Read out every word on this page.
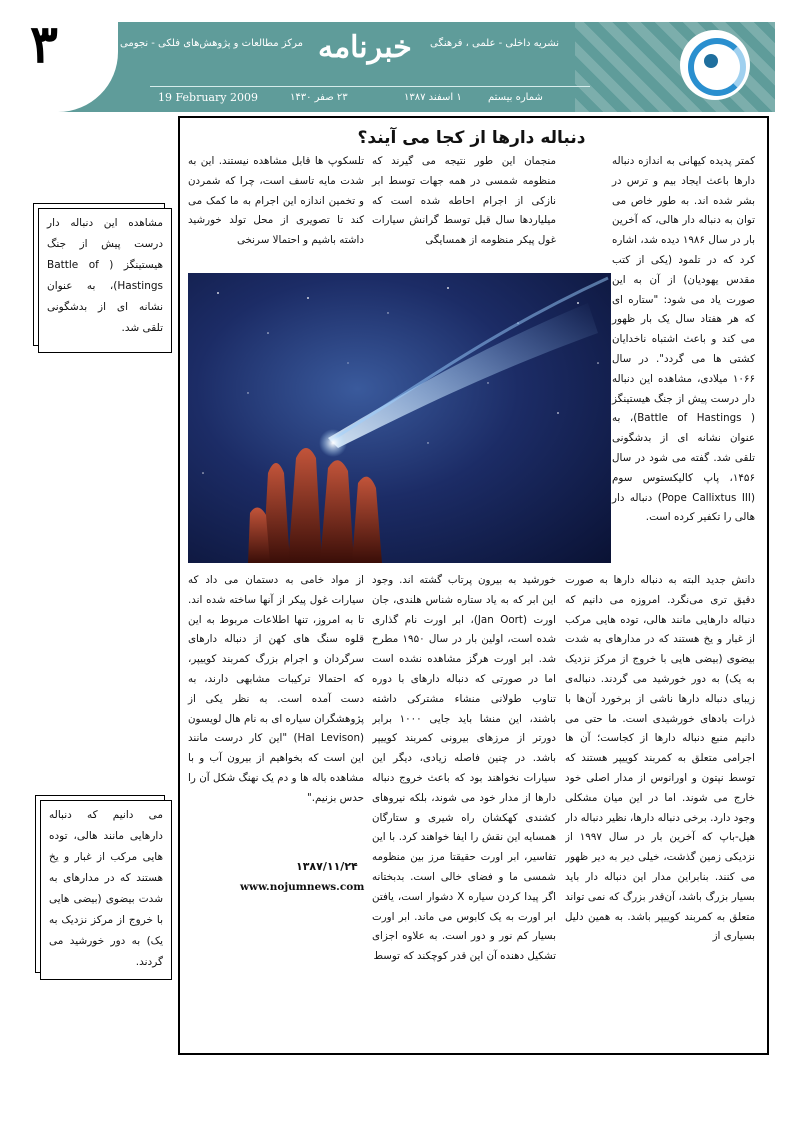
۳	خبرنامه
مرکز مطالعات و پژوهش‌های فلکی - نجومی	نشریه داخلی - علمی ، فرهنگی
شماره بیستم
۱ اسفند ۱۳۸۷
۲۳ صفر ۱۴۳۰
19 February 2009
دنباله دارها از کجا می آیند؟

کمتر پدیده کیهانی به اندازه دنباله دارها باعث ایجاد بیم و ترس در بشر شده اند. به طور خاص می توان به دنباله دار هالی، که آخرین بار در سال ۱۹۸۶ دیده شد، اشاره کرد که در تلمود (یکی از کتب مقدس یهودیان) از آن به این صورت یاد می شود: "ستاره ای که هر هفتاد سال یک بار ظهور می کند و باعث اشتباه ناخدایان کشتی ها می گردد". در سال ۱۰۶۶ میلادی، مشاهده این دنباله دار درست پیش از جنگ هیستینگز ( Battle of Hastings)، به عنوان نشانه ای از بدشگونی تلقی شد. گفته می شود در سال ۱۴۵۶، پاپ کالیکستوس سوم (Pope Callixtus III) دنباله دار هالی را تکفیر کرده است.

دانش جدید البته به دنباله دارها به صورت دقیق تری می‌نگرد. امروزه می دانیم که دنباله دارهایی مانند هالی، توده هایی مرکب از غبار و یخ هستند که در مدارهای به شدت بیضوی (بیضی هایی با خروج از مرکز نزدیک به یک) به دور خورشید می گردند. دنباله‌ی زیبای دنباله دارها ناشی از برخورد آن‌ها با ذرات بادهای خورشیدی است. ما حتی می دانیم منبع دنباله دارها از کجاست؛ آن ها اجرامی متعلق به کمربند کوییپر هستند که توسط نپتون و اورانوس از مدار اصلی خود خارج می شوند. اما در این میان مشکلی وجود دارد. برخی دنباله دارها، نظیر دنباله دار هیل-باپ که آخرین بار در سال ۱۹۹۷ از نزدیکی زمین گذشت، خیلی دیر به دیر ظهور می کنند. بنابراین مدار این دنباله دار باید بسیار بزرگ باشد، آن‌قدر بزرگ که نمی تواند متعلق به کمربند کوییپر باشد. به همین دلیل بسیاری از

منجمان این طور نتیجه می گیرند که منظومه شمسی در همه جهات توسط ابر نازکی از اجرام احاطه شده است که میلیاردها سال قبل توسط گرانش سیارات غول پیکر منظومه از همسایگی

خورشید به بیرون پرتاب گشته اند. وجود این ابر که به یاد ستاره شناس هلندی، جان اورت (Jan Oort)، ابر اورت نام گذاری شده است، اولین بار در سال ۱۹۵۰ مطرح شد. ابر اورت هرگز مشاهده نشده است اما در صورتی که دنباله دارهای با دوره تناوب طولانی منشاء مشترکی داشته باشند، این منشا باید جایی ۱۰۰۰ برابر دورتر از مرزهای بیرونی کمربند کوییپر باشد. در چنین فاصله زیادی، دیگر این سیارات نخواهند بود که باعث خروج دنباله دارها از مدار خود می شوند، بلکه نیروهای کشندی کهکشان راه شیری و ستارگان همسایه این نقش را ایفا خواهند کرد. با این تفاسیر، ابر اورت حقیقتا مرز بین منظومه شمسی ما و فضای خالی است. بدبختانه اگر پیدا کردن سیاره X دشوار است، یافتن ابر اورت به یک کابوس می ماند. ابر اورت بسیار کم نور و دور است. به علاوه اجزای تشکیل دهنده آن این قدر کوچکند که توسط

تلسکوپ ها قابل مشاهده نیستند. این به شدت مایه تاسف است، چرا که شمردن و تخمین اندازه این اجرام به ما کمک می کند تا تصویری از محل تولد خورشید داشته باشیم و احتمالا سرنخی

از مواد خامی به دستمان می داد که سیارات غول پیکر از آنها ساخته شده اند. تا به امروز، تنها اطلاعات مربوط به این قلوه سنگ های کهن از دنباله دارهای سرگردان و اجرام بزرگ کمربند کوییپر، که احتمالا ترکیبات مشابهی دارند، به دست آمده است. به نظر یکی از پژوهشگران سیاره ای به نام هال لویسون (Hal Levison) "این کار درست مانند این است که بخواهیم از بیرون آب و با مشاهده باله ها و دم یک نهنگ شکل آن را حدس بزنیم."

۱۳۸۷/۱۱/۲۴
www.nojumnews.com
مشاهده این دنباله دار درست پیش از جنگ هیستینگز ( Battle of Hastings)، به عنوان نشانه ای از بدشگونی تلقی شد.
می دانیم که دنباله دارهایی مانند هالی، توده هایی مرکب از غبار و یخ هستند که در مدارهای به شدت بیضوی (بیضی هایی با خروج از مرکز نزدیک به یک) به دور خورشید می گردند.
